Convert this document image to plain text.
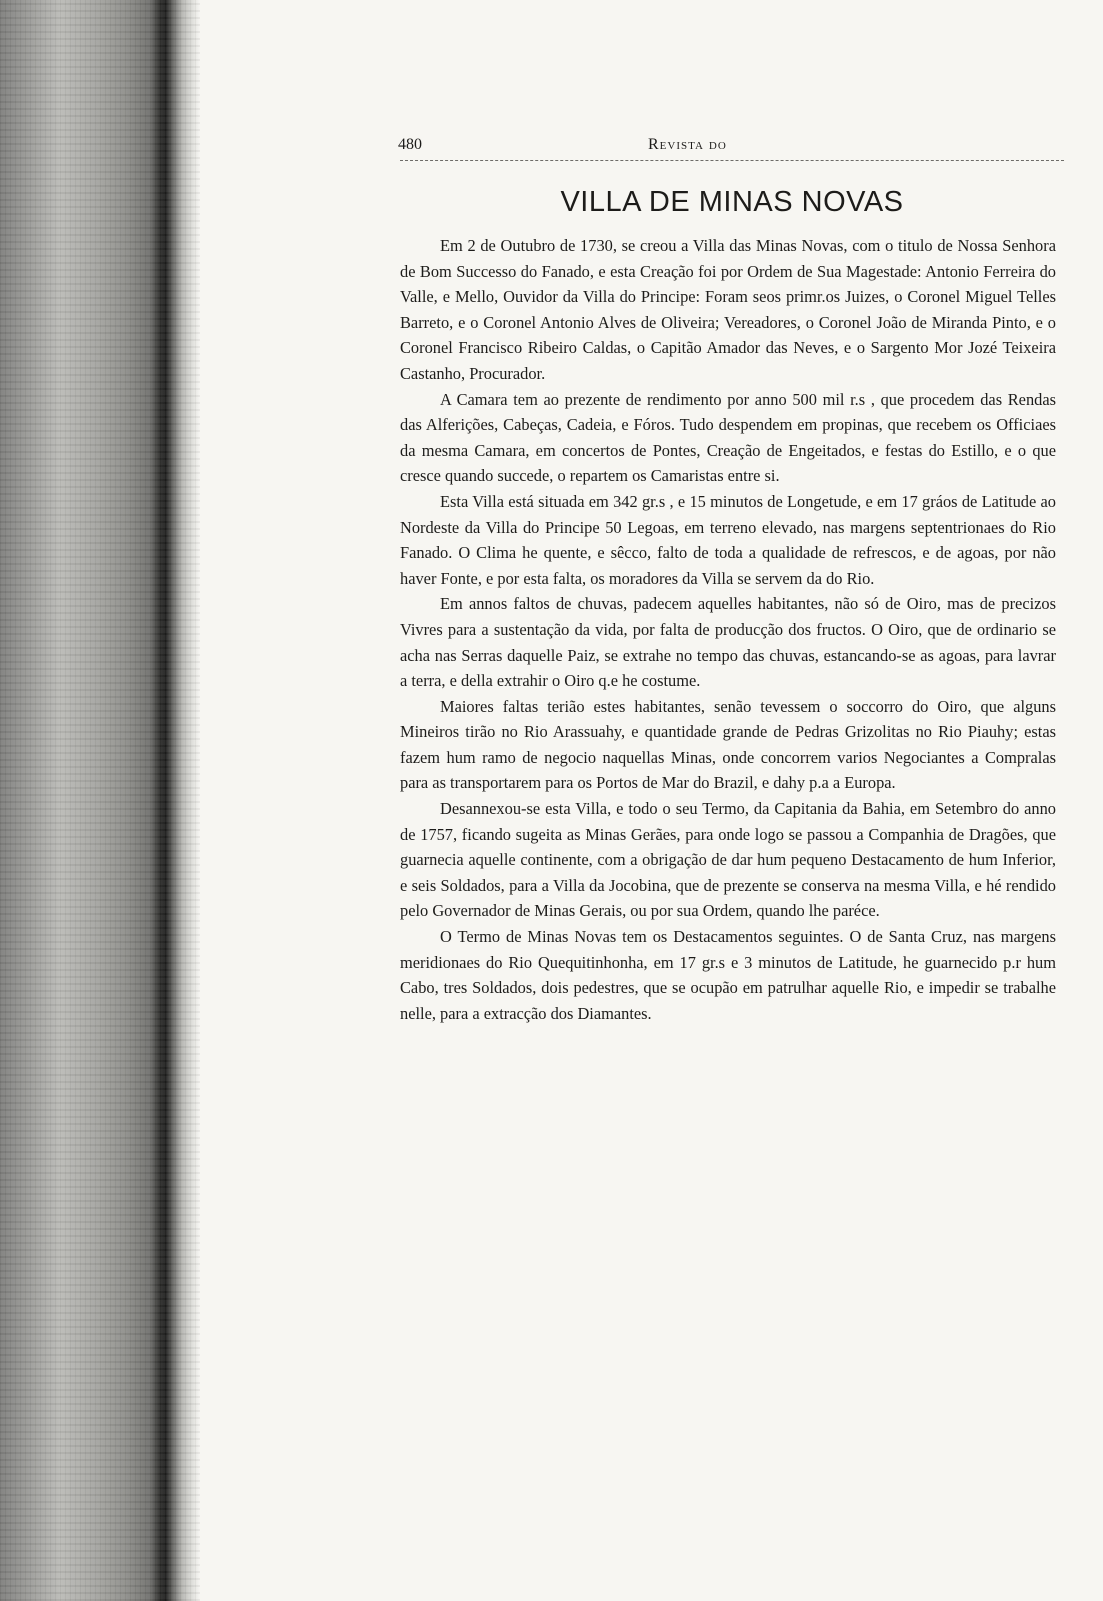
480	Revista do
VILLA DE MINAS NOVAS

Em 2 de Outubro de 1730, se creou a Villa das Minas Novas, com o titulo de Nossa Senhora de Bom Successo do Fanado, e esta Creação foi por Ordem de Sua Magestade: Antonio Ferreira do Valle, e Mello, Ouvidor da Villa do Principe: Foram seos primr.os Juizes, o Coronel Miguel Telles Barreto, e o Coronel Antonio Alves de Oliveira; Vereadores, o Coronel João de Miranda Pinto, e o Coronel Francisco Ribeiro Caldas, o Capitão Amador das Neves, e o Sargento Mor Jozé Teixeira Castanho, Procurador.

A Camara tem ao prezente de rendimento por anno 500 mil r.s , que procedem das Rendas das Alferições, Cabeças, Cadeia, e Fóros. Tudo despendem em propinas, que recebem os Officiaes da mesma Camara, em concertos de Pontes, Creação de Engeitados, e festas do Estillo, e o que cresce quando succede, o repartem os Camaristas entre si.

Esta Villa está situada em 342 gr.s , e 15 minutos de Longetude, e em 17 gráos de Latitude ao Nordeste da Villa do Principe 50 Legoas, em terreno elevado, nas margens septentrionaes do Rio Fanado. O Clima he quente, e sêcco, falto de toda a qualidade de refrescos, e de agoas, por não haver Fonte, e por esta falta, os moradores da Villa se servem da do Rio.

Em annos faltos de chuvas, padecem aquelles habitantes, não só de Oiro, mas de precizos Vivres para a sustentação da vida, por falta de producção dos fructos. O Oiro, que de ordinario se acha nas Serras daquelle Paiz, se extrahe no tempo das chuvas, estancando-se as agoas, para lavrar a terra, e della extrahir o Oiro q.e he costume.

Maiores faltas terião estes habitantes, senão tevessem o soccorro do Oiro, que alguns Mineiros tirão no Rio Arassuahy, e quantidade grande de Pedras Grizolitas no Rio Piauhy; estas fazem hum ramo de negocio naquellas Minas, onde concorrem varios Negociantes a Compralas para as transportarem para os Portos de Mar do Brazil, e dahy p.a a Europa.

Desannexou-se esta Villa, e todo o seu Termo, da Capitania da Bahia, em Setembro do anno de 1757, ficando sugeita as Minas Gerães, para onde logo se passou a Companhia de Dragões, que guarnecia aquelle continente, com a obrigação de dar hum pequeno Destacamento de hum Inferior, e seis Soldados, para a Villa da Jocobina, que de prezente se conserva na mesma Villa, e hé rendido pelo Governador de Minas Gerais, ou por sua Ordem, quando lhe paréce.

O Termo de Minas Novas tem os Destacamentos seguintes. O de Santa Cruz, nas margens meridionaes do Rio Quequitinhonha, em 17 gr.s e 3 minutos de Latitude, he guarnecido p.r hum Cabo, tres Soldados, dois pedestres, que se ocupão em patrulhar aquelle Rio, e impedir se trabalhe nelle, para a extracção dos Diamantes.
